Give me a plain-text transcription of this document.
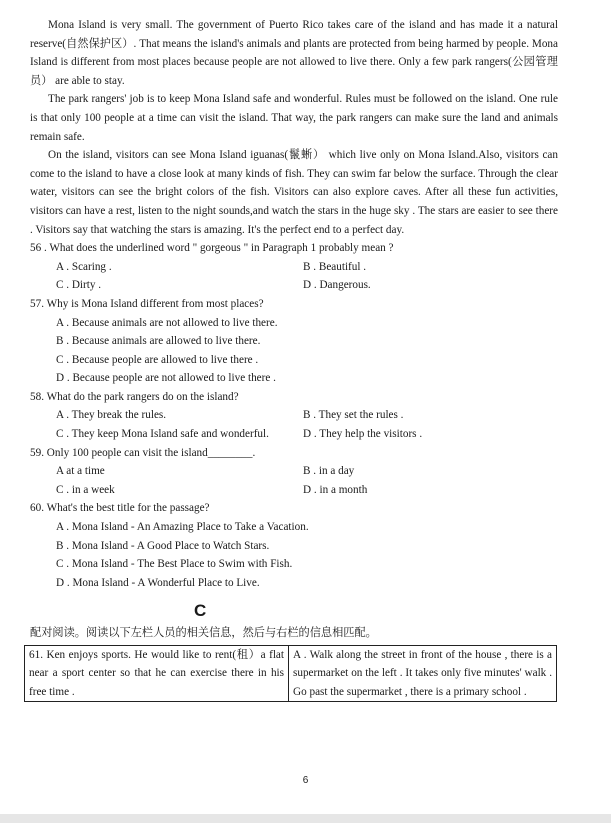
Mona Island is very small. The government of Puerto Rico takes care of the island and has made it a natural reserve(自然保护区）. That means the island's animals and plants are protected from being harmed by people. Mona Island is different from most places because people are not allowed to live there. Only a few park rangers(公园管理员） are able to stay.

The park rangers' job is to keep Mona Island safe and wonderful. Rules must be followed on the island. One rule is that only 100 people at a time can visit the island. That way, the park rangers can make sure the land and animals remain safe.

On the island, visitors can see Mona Island iguanas(鬣蜥） which live only on Mona Island.Also, visitors can come to the island to have a close look at many kinds of fish. They can swim far below the surface. Through the clear water, visitors can see the bright colors of the fish. Visitors can also explore caves. After all these fun activities, visitors can have a rest, listen to the night sounds,and watch the stars in the huge sky . The stars are easier to see there . Visitors say that watching the stars is amazing. It's the perfect end to a perfect day.

56 . What does the underlined word " gorgeous " in Paragraph 1 probably mean ?

A . Scaring .	B . Beautiful .
C . Dirty .	D . Dangerous.

57. Why is Mona Island different from most places?

A . Because animals are not allowed to live there.
B . Because animals are allowed to live there.
C . Because people are allowed to live there .
D . Because people are not allowed to live there .

58. What do the park rangers do on the island?

A . They break the rules.	B . They set the rules .
C . They keep Mona Island safe and wonderful.	D . They help the visitors .

59. Only 100 people can visit the island________.

A at a time	B . in a day
C . in a week	D . in a month

60. What's the best title for the passage?

A . Mona Island - An Amazing Place to Take a Vacation.
B . Mona Island - A Good Place to Watch Stars.
C . Mona Island - The Best Place to Swim with Fish.
D . Mona Island - A Wonderful Place to Live.
C

配对阅读。阅读以下左栏人员的相关信息，然后与右栏的信息相匹配。

61. Ken enjoys sports. He would like to rent(租）a flat near a sport center so that he can exercise there in his free time .	A . Walk along the street in front of the house , there is a supermarket on the left . It takes only five minutes' walk . Go past the supermarket , there is a primary school .
6
